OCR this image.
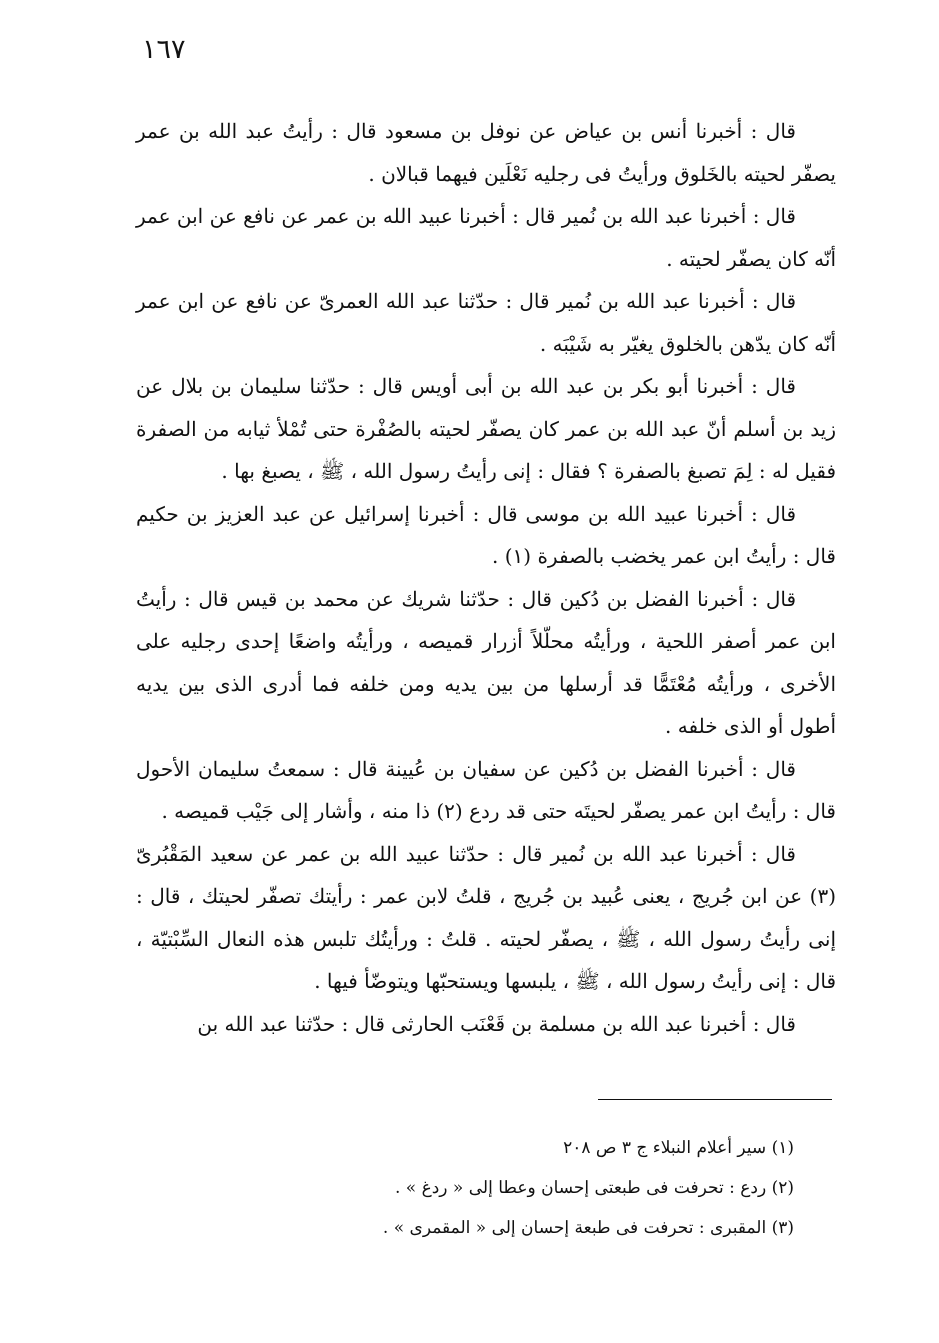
١٦٧

قال : أخبرنا أنس بن عياض عن نوفل بن مسعود قال : رأيتُ عبد الله بن عمر يصفّر لحيته بالخَلوق ورأيتُ فى رجليه نَعْلَين فيهما قبالان .

قال : أخبرنا عبد الله بن نُمير قال : أخبرنا عبيد الله بن عمر عن نافع عن ابن عمر أنّه كان يصفّر لحيته .

قال : أخبرنا عبد الله بن نُمير قال : حدّثنا عبد الله العمرىّ عن نافع عن ابن عمر أنّه كان يدّهن بالخلوق يغيّر به شَيْبَه .

قال : أخبرنا أبو بكر بن عبد الله بن أبى أويس قال : حدّثنا سليمان بن بلال عن زيد بن أسلم أنّ عبد الله بن عمر كان يصفّر لحيته بالصُفْرة حتى تُمْلأ ثيابه من الصفرة فقيل له : لِمَ تصبغ بالصفرة ؟ فقال : إنى رأيتُ رسول الله ، ﷺ ، يصبغ بها .

قال : أخبرنا عبيد الله بن موسى قال : أخبرنا إسرائيل عن عبد العزيز بن حكيم قال : رأيتُ ابن عمر يخضب بالصفرة (١) .

قال : أخبرنا الفضل بن دُكين قال : حدّثنا شريك عن محمد بن قيس قال : رأيتُ ابن عمر أصفر اللحية ، ورأيتُه محلّلاً أزرار قميصه ، ورأيتُه واضعًا إحدى رجليه على الأخرى ، ورأيتُه مُعْتَمًّا قد أرسلها من بين يديه ومن خلفه فما أدرى الذى بين يديه أطول أو الذى خلفه .

قال : أخبرنا الفضل بن دُكين عن سفيان بن عُيينة قال : سمعتُ سليمان الأحول قال : رأيتُ ابن عمر يصفّر لحيتَه حتى قد ردع (٢) ذا منه ، وأشار إلى جَيْب قميصه .

قال : أخبرنا عبد الله بن نُمير قال : حدّثنا عبيد الله بن عمر عن سعيد المَقْبُرىّ (٣) عن ابن جُريج ، يعنى عُبيد بن جُريج ، قلتُ لابن عمر : رأيتك تصفّر لحيتك ، قال : إنى رأيتُ رسول الله ، ﷺ ، يصفّر لحيته . قلتُ : ورأيتُك تلبس هذه النعال السِّبْتيّة ، قال : إنى رأيتُ رسول الله ، ﷺ ، يلبسها ويستحبّها ويتوضّأ فيها .

قال : أخبرنا عبد الله بن مسلمة بن قَعْنَب الحارثى قال : حدّثنا عبد الله بن

(١) سير أعلام النبلاء ج ٣ ص ٢٠٨

(٢) ردع : تحرفت فى طبعتى إحسان وعطا إلى « ردغ » .

(٣) المقبرى : تحرفت فى طبعة إحسان إلى « المقمرى » .
